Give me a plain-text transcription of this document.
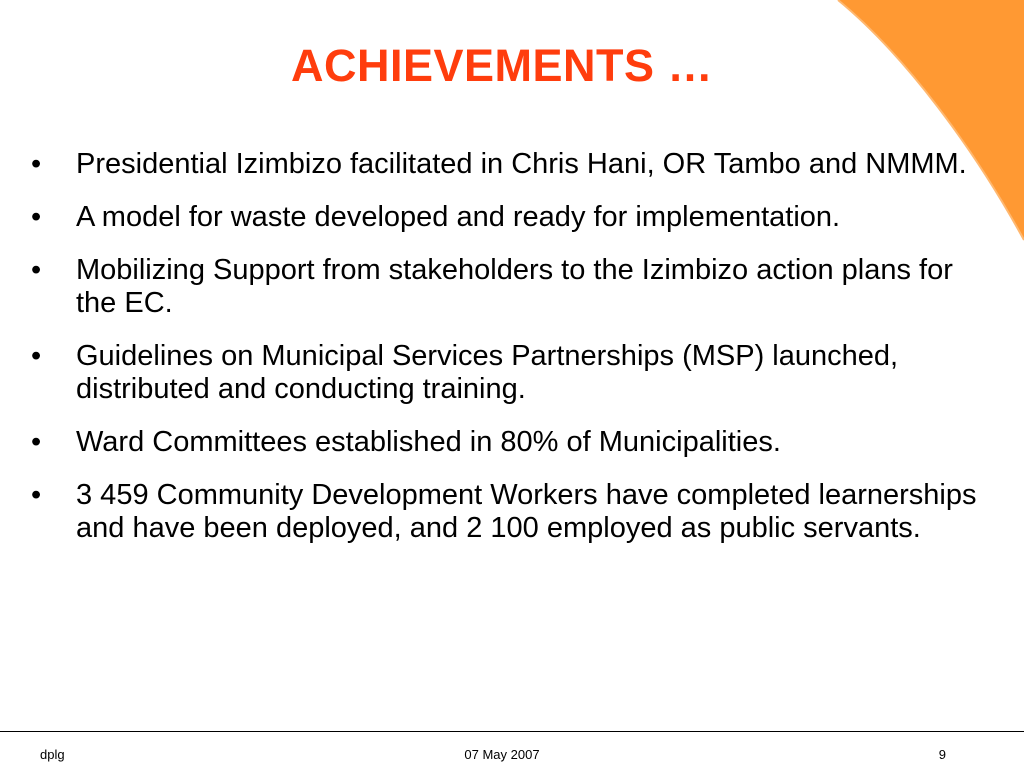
ACHIEVEMENTS …
•	Presidential Izimbizo facilitated in Chris Hani, OR Tambo and NMMM.
•	A model for waste developed and ready for implementation.
•	Mobilizing Support from stakeholders to the Izimbizo action plans for the EC.
•	Guidelines on Municipal Services Partnerships (MSP) launched, distributed and conducting training.
•	Ward Committees established in 80% of Municipalities.
•	3 459 Community Development Workers have completed learnerships and have been deployed, and 2 100 employed as public servants.
dplg	07 May 2007	9
